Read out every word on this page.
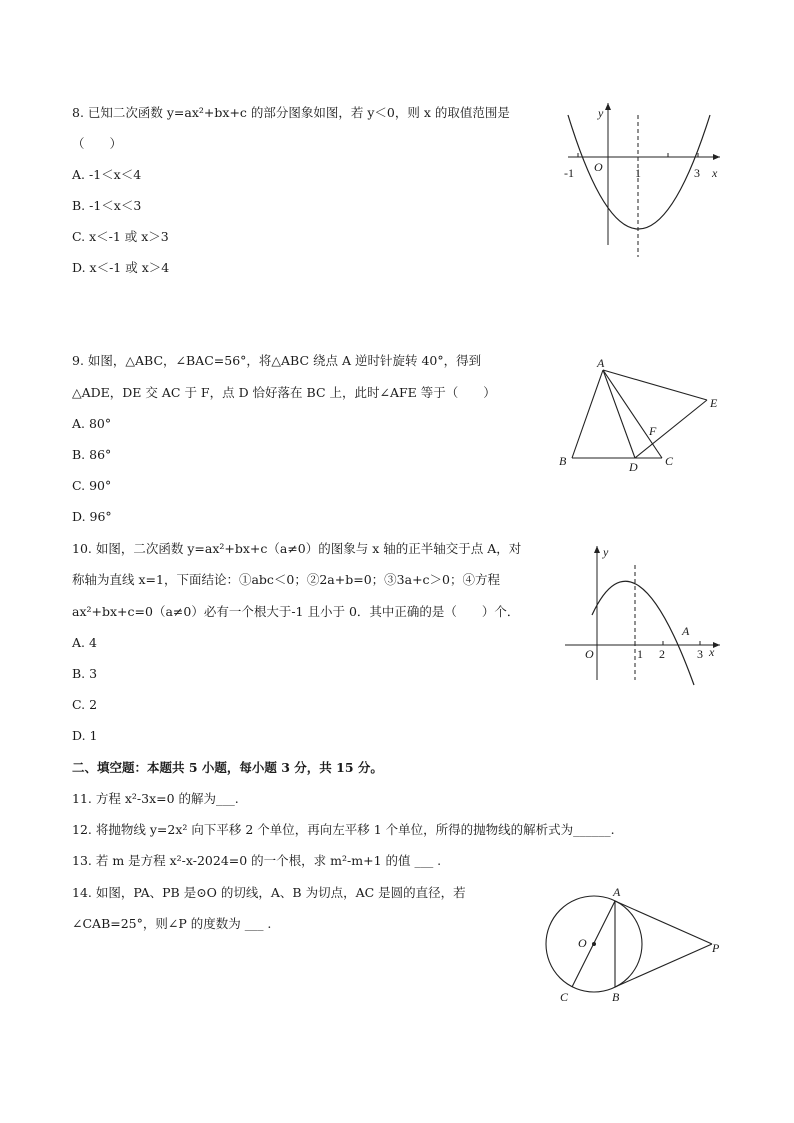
8. 已知二次函数 y=ax²+bx+c 的部分图象如图，若 y＜0，则 x 的取值范围是
（　　）
A. -1＜x＜4
B. -1＜x＜3
C. x＜-1 或 x＞3
D. x＜-1 或 x＞4
y
x
O
-1	1	3
9. 如图，△ABC，∠BAC=56°，将△ABC 绕点 A 逆时针旋转 40°，得到
△ADE，DE 交 AC 于 F，点 D 恰好落在 BC 上，此时∠AFE 等于（　　）
A. 80°
B. 86°
C. 90°
D. 96°
A
B	C
D
E
F
10. 如图，二次函数 y=ax²+bx+c（a≠0）的图象与 x 轴的正半轴交于点 A，对
称轴为直线 x=1，下面结论：①abc＜0；②2a+b=0；③3a+c＞0；④方程
ax²+bx+c=0（a≠0）必有一个根大于-1 且小于 0．其中正确的是（　　）个．
A. 4
B. 3
C. 2
D. 1
y
x
O	1 2	3
A
二、填空题：本题共 5 小题，每小题 3 分，共 15 分。
11. 方程 x²-3x=0 的解为___.
12. 将抛物线 y=2x² 向下平移 2 个单位，再向左平移 1 个单位，所得的抛物线的解析式为______.
13. 若 m 是方程 x²-x-2024=0 的一个根，求 m²-m+1 的值 ___ .
14. 如图，PA、PB 是⊙O 的切线，A、B 为切点，AC 是圆的直径，若
∠CAB=25°，则∠P 的度数为 ___ .
A
O	P
C	B
